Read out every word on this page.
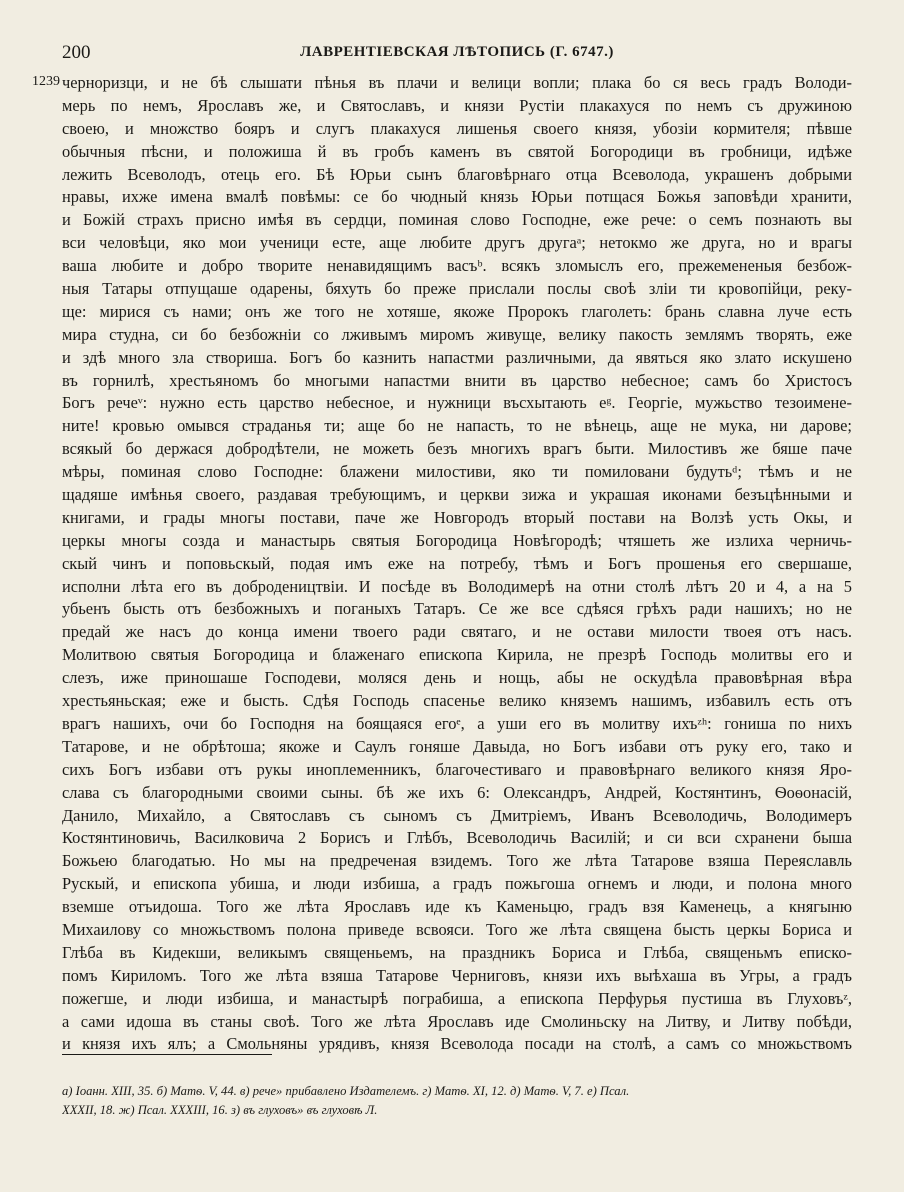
200	ЛАВРЕНТІЕВСКАЯ ЛѢТОПИСЬ (Г. 6747.)
1239 черноризци, и не бѣ слышати пѣнья въ плачи и велици вопли; плака бо ся весь градъ Володи-
мерь по немъ, Ярославъ же, и Святославъ, и князи Рустіи плакахуся по немъ съ дружиною
своею, и множство бояръ и слугъ плакахуся лишенья своего князя, убозіи кормителя; пѣвше
обычныя пѣсни, и положиша й въ гробъ каменъ въ святой Богородици въ гробници, идѣже
лежить Всеволодъ, отець его. Бѣ Юрьи сынъ благовѣрнаго отца Всеволода, украшенъ добрыми
нравы, ихже имена вмалѣ повѣмы: се бо чюдный князь Юрьи потщася Божья заповѣди хранити,
и Божій страхъ присно имѣя въ сердци, поминая слово Господне, еже рече: о семъ познають вы
вси человѣци, яко мои ученици есте, аще любите другъ другаᵃ; нетокмо же друга, но и врагы
ваша любите и добро творите ненавидящимъ васъᵇ. всякъ зломыслъ его, прежемененыя безбож-
ныя Татары отпущаше одарены, бяхуть бо преже прислали послы своѣ зліи ти кровопійци, реку-
ще: мирися съ нами; онъ же того не хотяше, якоже Пророкъ глаголеть: брань славна луче есть
мира студна, си бо безбожніи со лживымъ миромъ живуще, велику пакость землямъ творять, еже
и здѣ много зла створиша. Богъ бо казнить напастми различными, да явяться яко злато искушено
въ горнилѣ, хрестьяномъ бо многыми напастми внити въ царство небесное; самъ бо Христосъ
Богъ речеᵛ: нужно есть царство небесное, и нужници въсхытають еᵍ. Георгіе, мужьство тезоимене-
ните! кровью омывся страданья ти; аще бо не напасть, то не вѣнець, аще не мука, ни дарове;
всякый бо держася добродѣтели, не можеть безъ многихъ врагъ быти. Милостивъ же бяше паче
мѣры, поминая слово Господне: блажени милостиви, яко ти помиловани будутьᵈ; тѣмъ и не
щадяше имѣнья своего, раздавая требующимъ, и церкви зижа и украшая иконами безъцѣнными и
книгами, и грады многы постави, паче же Новгородъ вторый постави на Волзѣ усть Окы, и
церкы многы созда и манастырь святыя Богородица Новѣгородѣ; чтяшеть же излиха черничь-
скый чинъ и поповьскый, подая имъ еже на потребу, тѣмъ и Богъ прошенья его свершаше,
исполни лѣта его въ добродеництвіи. И посѣде въ Володимерѣ на отни столѣ лѣтъ 20 и 4, а на 5
убьенъ бысть отъ безбожныхъ и поганыхъ Татаръ. Се же все сдѣяся грѣхъ ради нашихъ; но не
предай же насъ до конца имени твоего ради святаго, и не остави милости твоея отъ насъ.
Молитвою святыя Богородица и блаженаго епископа Кирила, не презрѣ Господь молитвы его и
слезъ, иже приношаше Господеви, моляся день и нощь, абы не оскудѣла правовѣрная вѣра
хрестьяньская; еже и бысть. Сдѣя Господь спасенье велико княземъ нашимъ, избавилъ есть отъ
врагъ нашихъ, очи бо Господня на боящаяся егоᵉ, а уши его въ молитву ихъᶻʰ: гониша по нихъ
Татарове, и не обрѣтоша; якоже и Саулъ гоняше Давыда, но Богъ избави отъ руку его, тако и
сихъ Богъ избави отъ рукы иноплеменникъ, благочестиваго и правовѣрнаго великого князя Яро-
слава съ благородными своими сыны. бѣ же ихъ 6: Олександръ, Андрей, Костянтинъ, Ѳоѳонасій,
Данило, Михайло, а Святославъ съ сыномъ съ Дмитріемъ, Иванъ Всеволодичь, Володимеръ
Костянтиновичь, Василковича 2 Борисъ и Глѣбъ, Всеволодичь Василій; и си вси схранени быша
Божьею благодатью. Но мы на предреченая взидемъ. Того же лѣта Татарове взяша Переяславль
Рускый, и епископа убиша, и люди избиша, а градъ пожьгоша огнемъ и люди, и полона много
вземше отъидоша. Того же лѣта Ярославъ иде къ Каменьцю, градъ взя Каменець, а княгыню
Михаилову со множьствомъ полона приведе всвояси. Того же лѣта священа бысть церкы Бориса и
Глѣба въ Кидекши, великымъ священьемъ, на праздникъ Бориса и Глѣба, священьмъ еписко-
помъ Кириломъ. Того же лѣта взяша Татарове Черниговъ, князи ихъ выѣхаша въ Угры, а градъ
пожегше, и люди избиша, и манастырѣ пограбиша, а епископа Перфурья пустиша въ Глуховъᶻ,
а сами идоша въ станы своѣ. Того же лѣта Ярославъ иде Смолиньску на Литву, и Литву побѣди,
и князя ихъ ялъ; а Смольняны урядивъ, князя Всеволода посади на столѣ, а самъ со множьствомъ
а) Іоанн. XIII, 35. б) Матѳ. V, 44. в) рече» прибавлено Издателемъ. г) Матѳ. XI, 12. д) Матѳ. V, 7. е) Псал.
XXXII, 18. ж) Псал. XXXIII, 16. з) въ глуховъ» въ глуховѣ Л.
